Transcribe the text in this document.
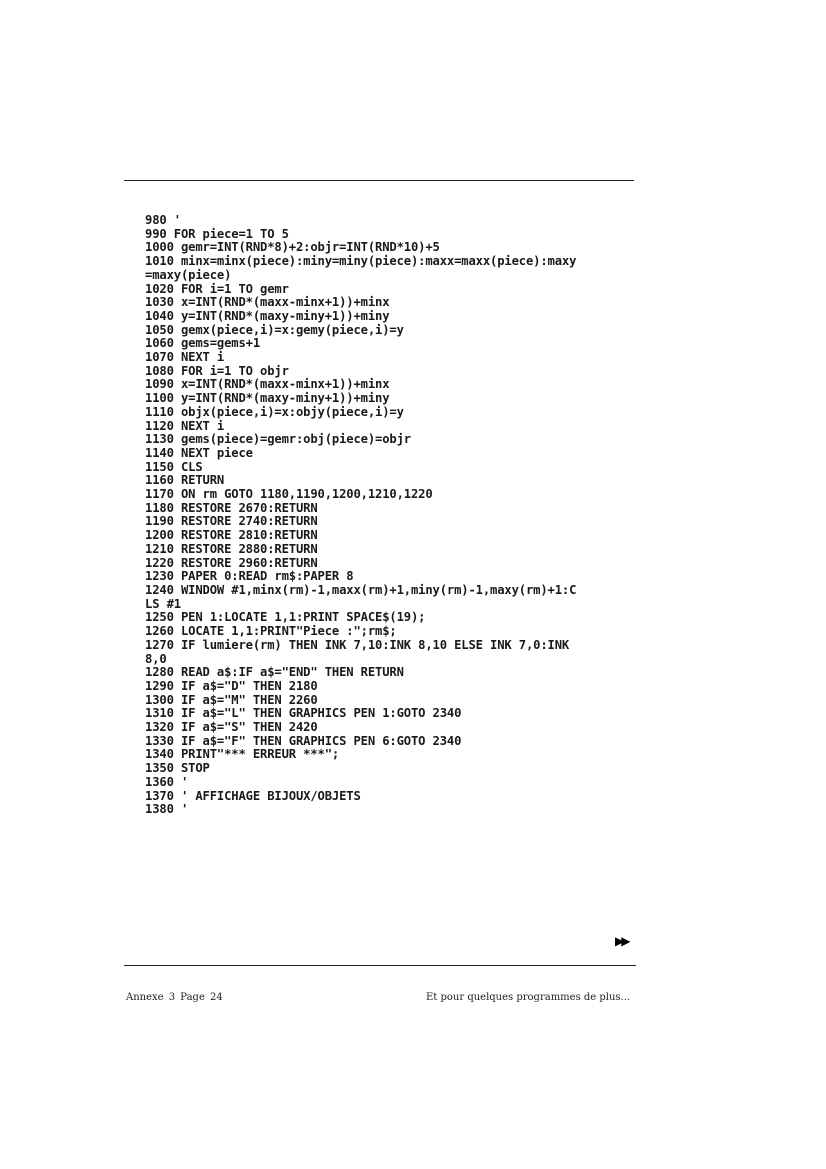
980 '
990 FOR piece=1 TO 5
1000 gemr=INT(RND*8)+2:objr=INT(RND*10)+5
1010 minx=minx(piece):miny=miny(piece):maxx=maxx(piece):maxy
=maxy(piece)
1020 FOR i=1 TO gemr
1030 x=INT(RND*(maxx-minx+1))+minx
1040 y=INT(RND*(maxy-miny+1))+miny
1050 gemx(piece,i)=x:gemy(piece,i)=y
1060 gems=gems+1
1070 NEXT i
1080 FOR i=1 TO objr
1090 x=INT(RND*(maxx-minx+1))+minx
1100 y=INT(RND*(maxy-miny+1))+miny
1110 objx(piece,i)=x:objy(piece,i)=y
1120 NEXT i
1130 gems(piece)=gemr:obj(piece)=objr
1140 NEXT piece
1150 CLS
1160 RETURN
1170 ON rm GOTO 1180,1190,1200,1210,1220
1180 RESTORE 2670:RETURN
1190 RESTORE 2740:RETURN
1200 RESTORE 2810:RETURN
1210 RESTORE 2880:RETURN
1220 RESTORE 2960:RETURN
1230 PAPER 0:READ rm$:PAPER 8
1240 WINDOW #1,minx(rm)-1,maxx(rm)+1,miny(rm)-1,maxy(rm)+1:C
LS #1
1250 PEN 1:LOCATE 1,1:PRINT SPACE$(19);
1260 LOCATE 1,1:PRINT"Piece :";rm$;
1270 IF lumiere(rm) THEN INK 7,10:INK 8,10 ELSE INK 7,0:INK
8,0
1280 READ a$:IF a$="END" THEN RETURN
1290 IF a$="D" THEN 2180
1300 IF a$="M" THEN 2260
1310 IF a$="L" THEN GRAPHICS PEN 1:GOTO 2340
1320 IF a$="S" THEN 2420
1330 IF a$="F" THEN GRAPHICS PEN 6:GOTO 2340
1340 PRINT"*** ERREUR ***";
1350 STOP
1360 '
1370 ' AFFICHAGE BIJOUX/OBJETS
1380 '
▶▶
Annexe 3 Page 24	Et pour quelques programmes de plus...
